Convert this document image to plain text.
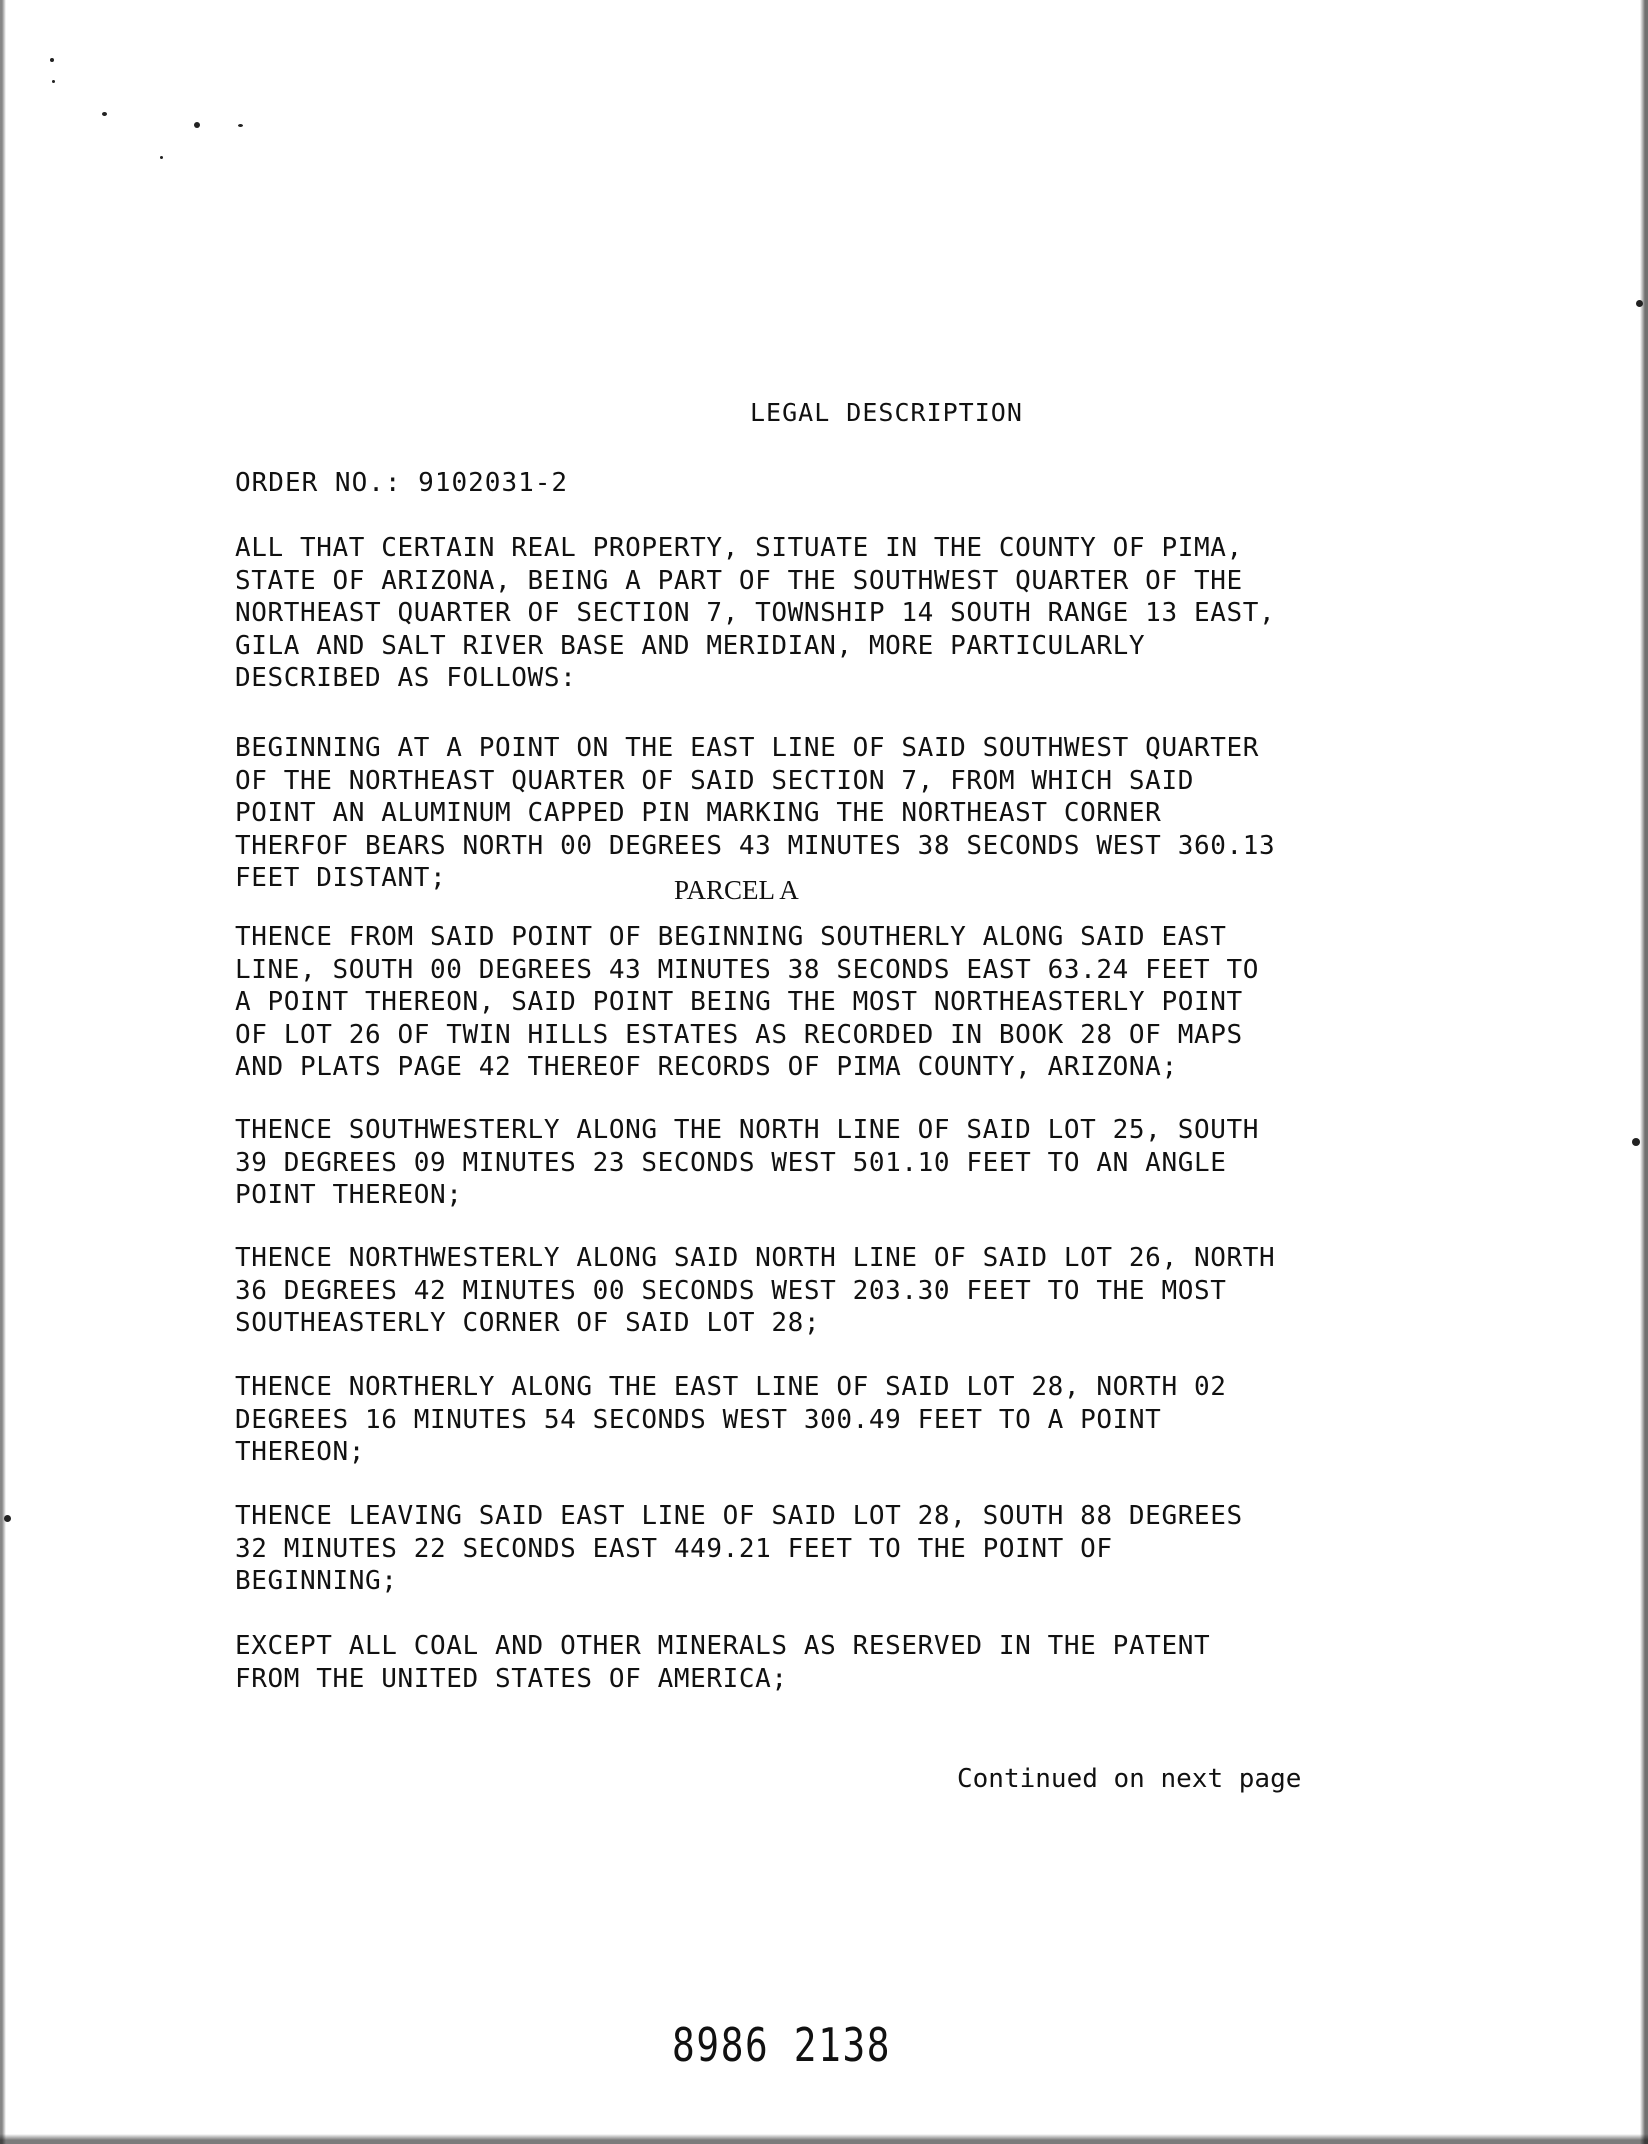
LEGAL DESCRIPTION
ORDER NO.: 9102031-2
ALL THAT CERTAIN REAL PROPERTY, SITUATE IN THE COUNTY OF PIMA,
STATE OF ARIZONA, BEING A PART OF THE SOUTHWEST QUARTER OF THE
NORTHEAST QUARTER OF SECTION 7, TOWNSHIP 14 SOUTH RANGE 13 EAST,
GILA AND SALT RIVER BASE AND MERIDIAN, MORE PARTICULARLY
DESCRIBED AS FOLLOWS:
BEGINNING AT A POINT ON THE EAST LINE OF SAID SOUTHWEST QUARTER
OF THE NORTHEAST QUARTER OF SAID SECTION 7, FROM WHICH SAID
POINT AN ALUMINUM CAPPED PIN MARKING THE NORTHEAST CORNER
THERFOF BEARS NORTH 00 DEGREES 43 MINUTES 38 SECONDS WEST 360.13
FEET DISTANT;	PARCEL A
THENCE FROM SAID POINT OF BEGINNING SOUTHERLY ALONG SAID EAST
LINE, SOUTH 00 DEGREES 43 MINUTES 38 SECONDS EAST 63.24 FEET TO
A POINT THEREON, SAID POINT BEING THE MOST NORTHEASTERLY POINT
OF LOT 26 OF TWIN HILLS ESTATES AS RECORDED IN BOOK 28 OF MAPS
AND PLATS PAGE 42 THEREOF RECORDS OF PIMA COUNTY, ARIZONA;
THENCE SOUTHWESTERLY ALONG THE NORTH LINE OF SAID LOT 25, SOUTH
39 DEGREES 09 MINUTES 23 SECONDS WEST 501.10 FEET TO AN ANGLE
POINT THEREON;
THENCE NORTHWESTERLY ALONG SAID NORTH LINE OF SAID LOT 26, NORTH
36 DEGREES 42 MINUTES 00 SECONDS WEST 203.30 FEET TO THE MOST
SOUTHEASTERLY CORNER OF SAID LOT 28;
THENCE NORTHERLY ALONG THE EAST LINE OF SAID LOT 28, NORTH 02
DEGREES 16 MINUTES 54 SECONDS WEST 300.49 FEET TO A POINT
THEREON;
THENCE LEAVING SAID EAST LINE OF SAID LOT 28, SOUTH 88 DEGREES
32 MINUTES 22 SECONDS EAST 449.21 FEET TO THE POINT OF
BEGINNING;
EXCEPT ALL COAL AND OTHER MINERALS AS RESERVED IN THE PATENT
FROM THE UNITED STATES OF AMERICA;
Continued on next page
8986 2138
